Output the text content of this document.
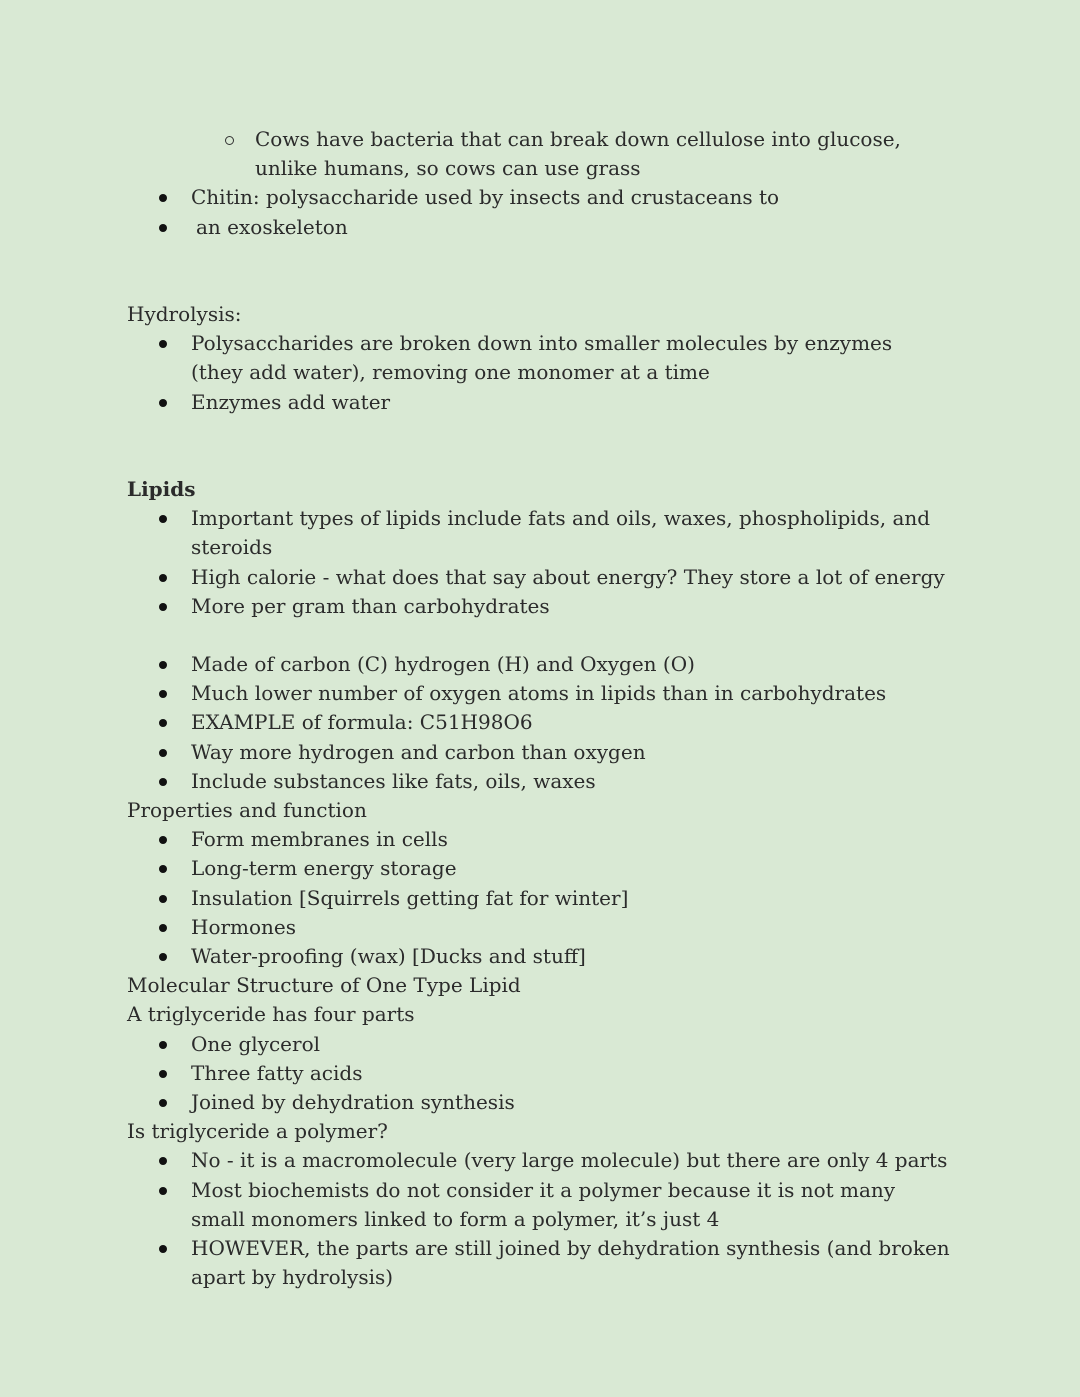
Cows have bacteria that can break down cellulose into glucose, unlike humans, so cows can use grass
Chitin: polysaccharide used by insects and crustaceans to
an exoskeleton

Hydrolysis:

Polysaccharides are broken down into smaller molecules by enzymes (they add water), removing one monomer at a time
Enzymes add water

Lipids

Important types of lipids include fats and oils, waxes, phospholipids, and steroids
High calorie - what does that say about energy? They store a lot of energy
More per gram than carbohydrates
Made of carbon (C) hydrogen (H) and Oxygen (O)
Much lower number of oxygen atoms in lipids than in carbohydrates
EXAMPLE of formula: C51H98O6
Way more hydrogen and carbon than oxygen
Include substances like fats, oils, waxes

Properties and function

Form membranes in cells
Long-term energy storage
Insulation [Squirrels getting fat for winter]
Hormones
Water-proofing (wax) [Ducks and stuff]

Molecular Structure of One Type Lipid

A triglyceride has four parts

One glycerol
Three fatty acids
Joined by dehydration synthesis

Is triglyceride a polymer?

No - it is a macromolecule (very large molecule) but there are only 4 parts
Most biochemists do not consider it a polymer because it is not many small monomers linked to form a polymer, it’s just 4
HOWEVER, the parts are still joined by dehydration synthesis (and broken apart by hydrolysis)
